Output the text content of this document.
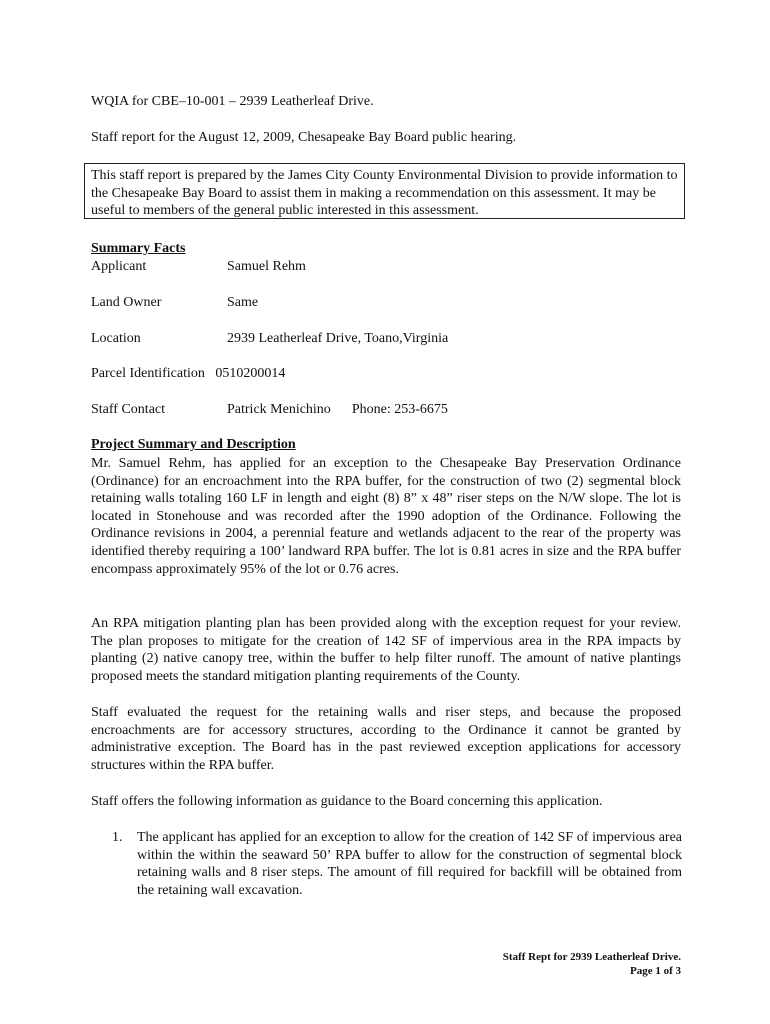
WQIA for CBE–10-001 – 2939 Leatherleaf Drive.
Staff report for the August 12, 2009, Chesapeake Bay Board public hearing.
This staff report is prepared by the James City County Environmental Division to provide information to the Chesapeake Bay Board to assist them in making a recommendation on this assessment. It may be useful to members of the general public interested in this assessment.
Summary Facts
Applicant	Samuel Rehm
Land Owner	Same
Location	2939 Leatherleaf Drive, Toano,Virginia
Parcel Identification 0510200014
Staff Contact	Patrick Menichino Phone: 253-6675
Project Summary and Description

Mr. Samuel Rehm, has applied for an exception to the Chesapeake Bay Preservation Ordinance (Ordinance) for an encroachment into the RPA buffer, for the construction of two (2) segmental block retaining walls totaling 160 LF in length and eight (8) 8” x 48” riser steps on the N/W slope. The lot is located in Stonehouse and was recorded after the 1990 adoption of the Ordinance. Following the Ordinance revisions in 2004, a perennial feature and wetlands adjacent to the rear of the property was identified thereby requiring a 100’ landward RPA buffer. The lot is 0.81 acres in size and the RPA buffer encompass approximately 95% of the lot or 0.76 acres.

An RPA mitigation planting plan has been provided along with the exception request for your review. The plan proposes to mitigate for the creation of 142 SF of impervious area in the RPA impacts by planting (2) native canopy tree, within the buffer to help filter runoff. The amount of native plantings proposed meets the standard mitigation planting requirements of the County.

Staff evaluated the request for the retaining walls and riser steps, and because the proposed encroachments are for accessory structures, according to the Ordinance it cannot be granted by administrative exception. The Board has in the past reviewed exception applications for accessory structures within the RPA buffer.

Staff offers the following information as guidance to the Board concerning this application.

1. The applicant has applied for an exception to allow for the creation of 142 SF of impervious area within the within the seaward 50’ RPA buffer to allow for the construction of segmental block retaining walls and 8 riser steps. The amount of fill required for backfill will be obtained from the retaining wall excavation.
Staff Rept for 2939 Leatherleaf Drive.
Page 1 of 3
